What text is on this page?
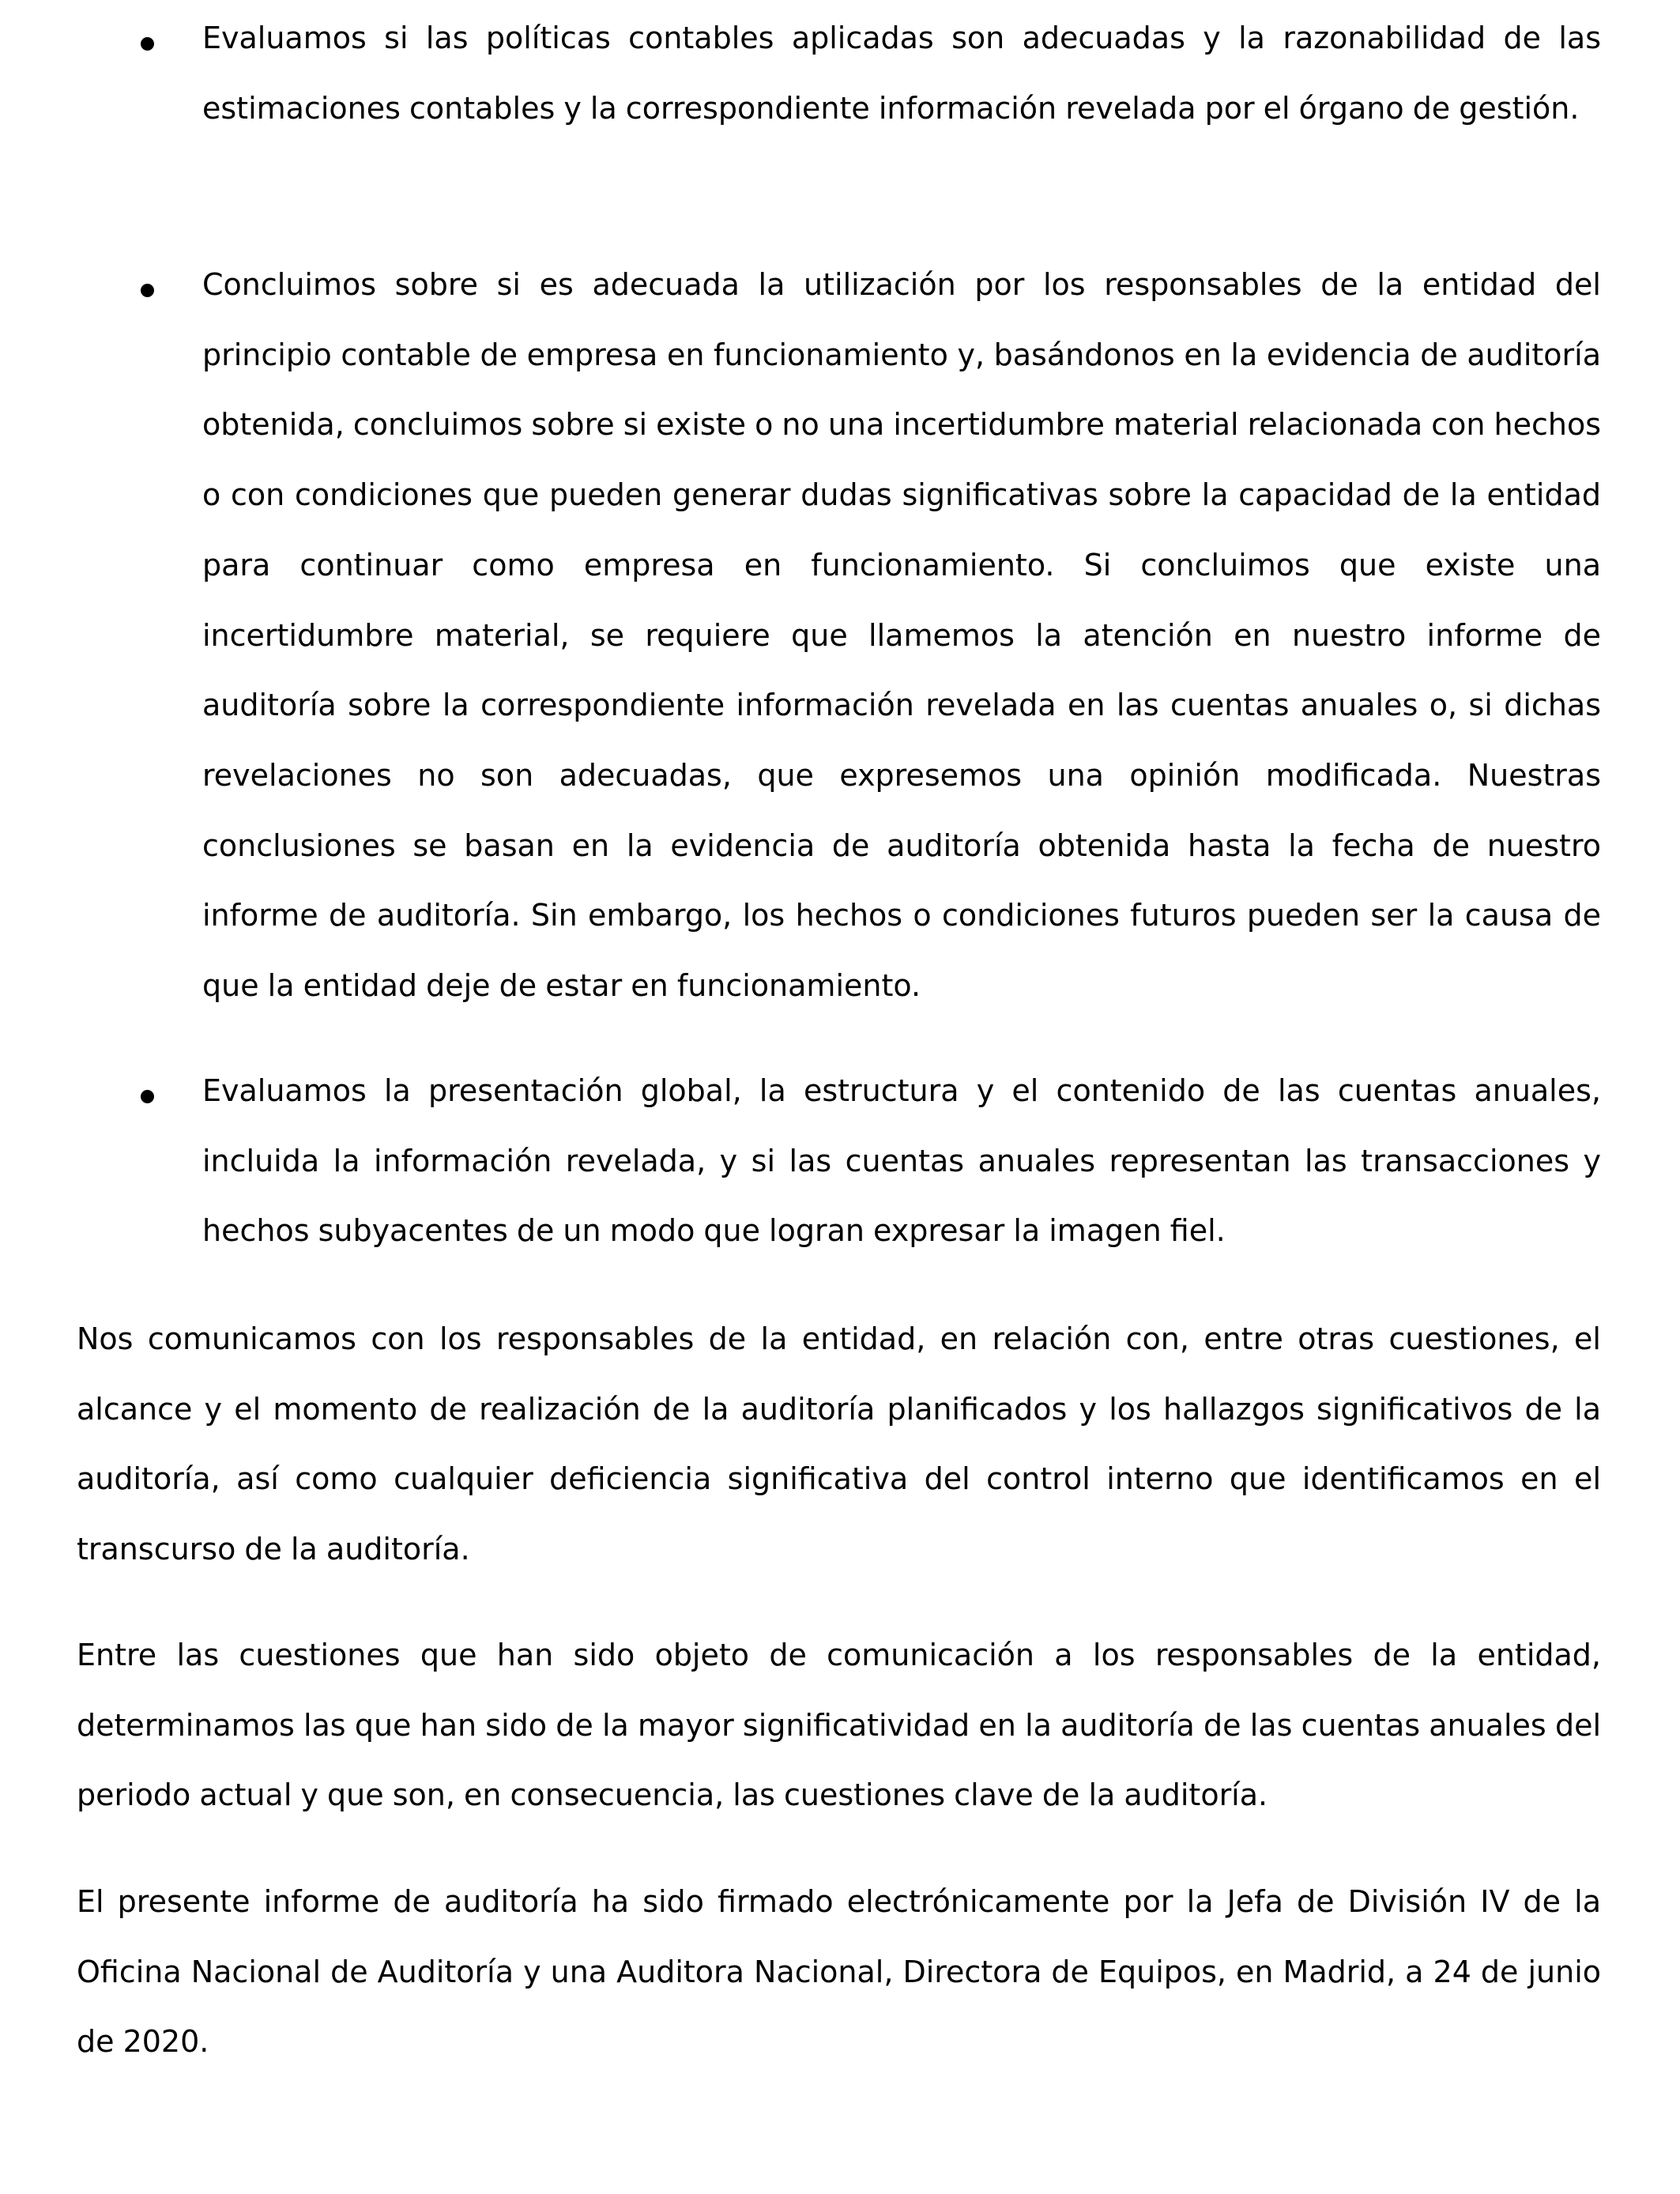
Evaluamos si las políticas contables aplicadas son adecuadas y la razonabilidad de las estimaciones contables y la correspondiente información revelada por el órgano de gestión.

Concluimos sobre si es adecuada la utilización por los responsables de la entidad del principio contable de empresa en funcionamiento y, basándonos en la evidencia de auditoría obtenida, concluimos sobre si existe o no una incertidumbre material relacionada con hechos o con condiciones que pueden generar dudas significativas sobre la capacidad de la entidad para continuar como empresa en funcionamiento. Si concluimos que existe una incertidumbre material, se requiere que llamemos la atención en nuestro informe de auditoría sobre la correspondiente información revelada en las cuentas anuales o, si dichas revelaciones no son adecuadas, que expresemos una opinión modificada. Nuestras conclusiones se basan en la evidencia de auditoría obtenida hasta la fecha de nuestro informe de auditoría. Sin embargo, los hechos o condiciones futuros pueden ser la causa de que la entidad deje de estar en funcionamiento.

Evaluamos la presentación global, la estructura y el contenido de las cuentas anuales, incluida la información revelada, y si las cuentas anuales representan las transacciones y hechos subyacentes de un modo que logran expresar la imagen fiel.

Nos comunicamos con los responsables de la entidad, en relación con, entre otras cuestiones, el alcance y el momento de realización de la auditoría planificados y los hallazgos significativos de la auditoría, así como cualquier deficiencia significativa del control interno que identificamos en el transcurso de la auditoría.

Entre las cuestiones que han sido objeto de comunicación a los responsables de la entidad, determinamos las que han sido de la mayor significatividad en la auditoría de las cuentas anuales del periodo actual y que son, en consecuencia, las cuestiones clave de la auditoría.

El presente informe de auditoría ha sido firmado electrónicamente por la Jefa de División IV de la Oficina Nacional de Auditoría y una Auditora Nacional, Directora de Equipos, en Madrid, a 24 de junio de 2020.
